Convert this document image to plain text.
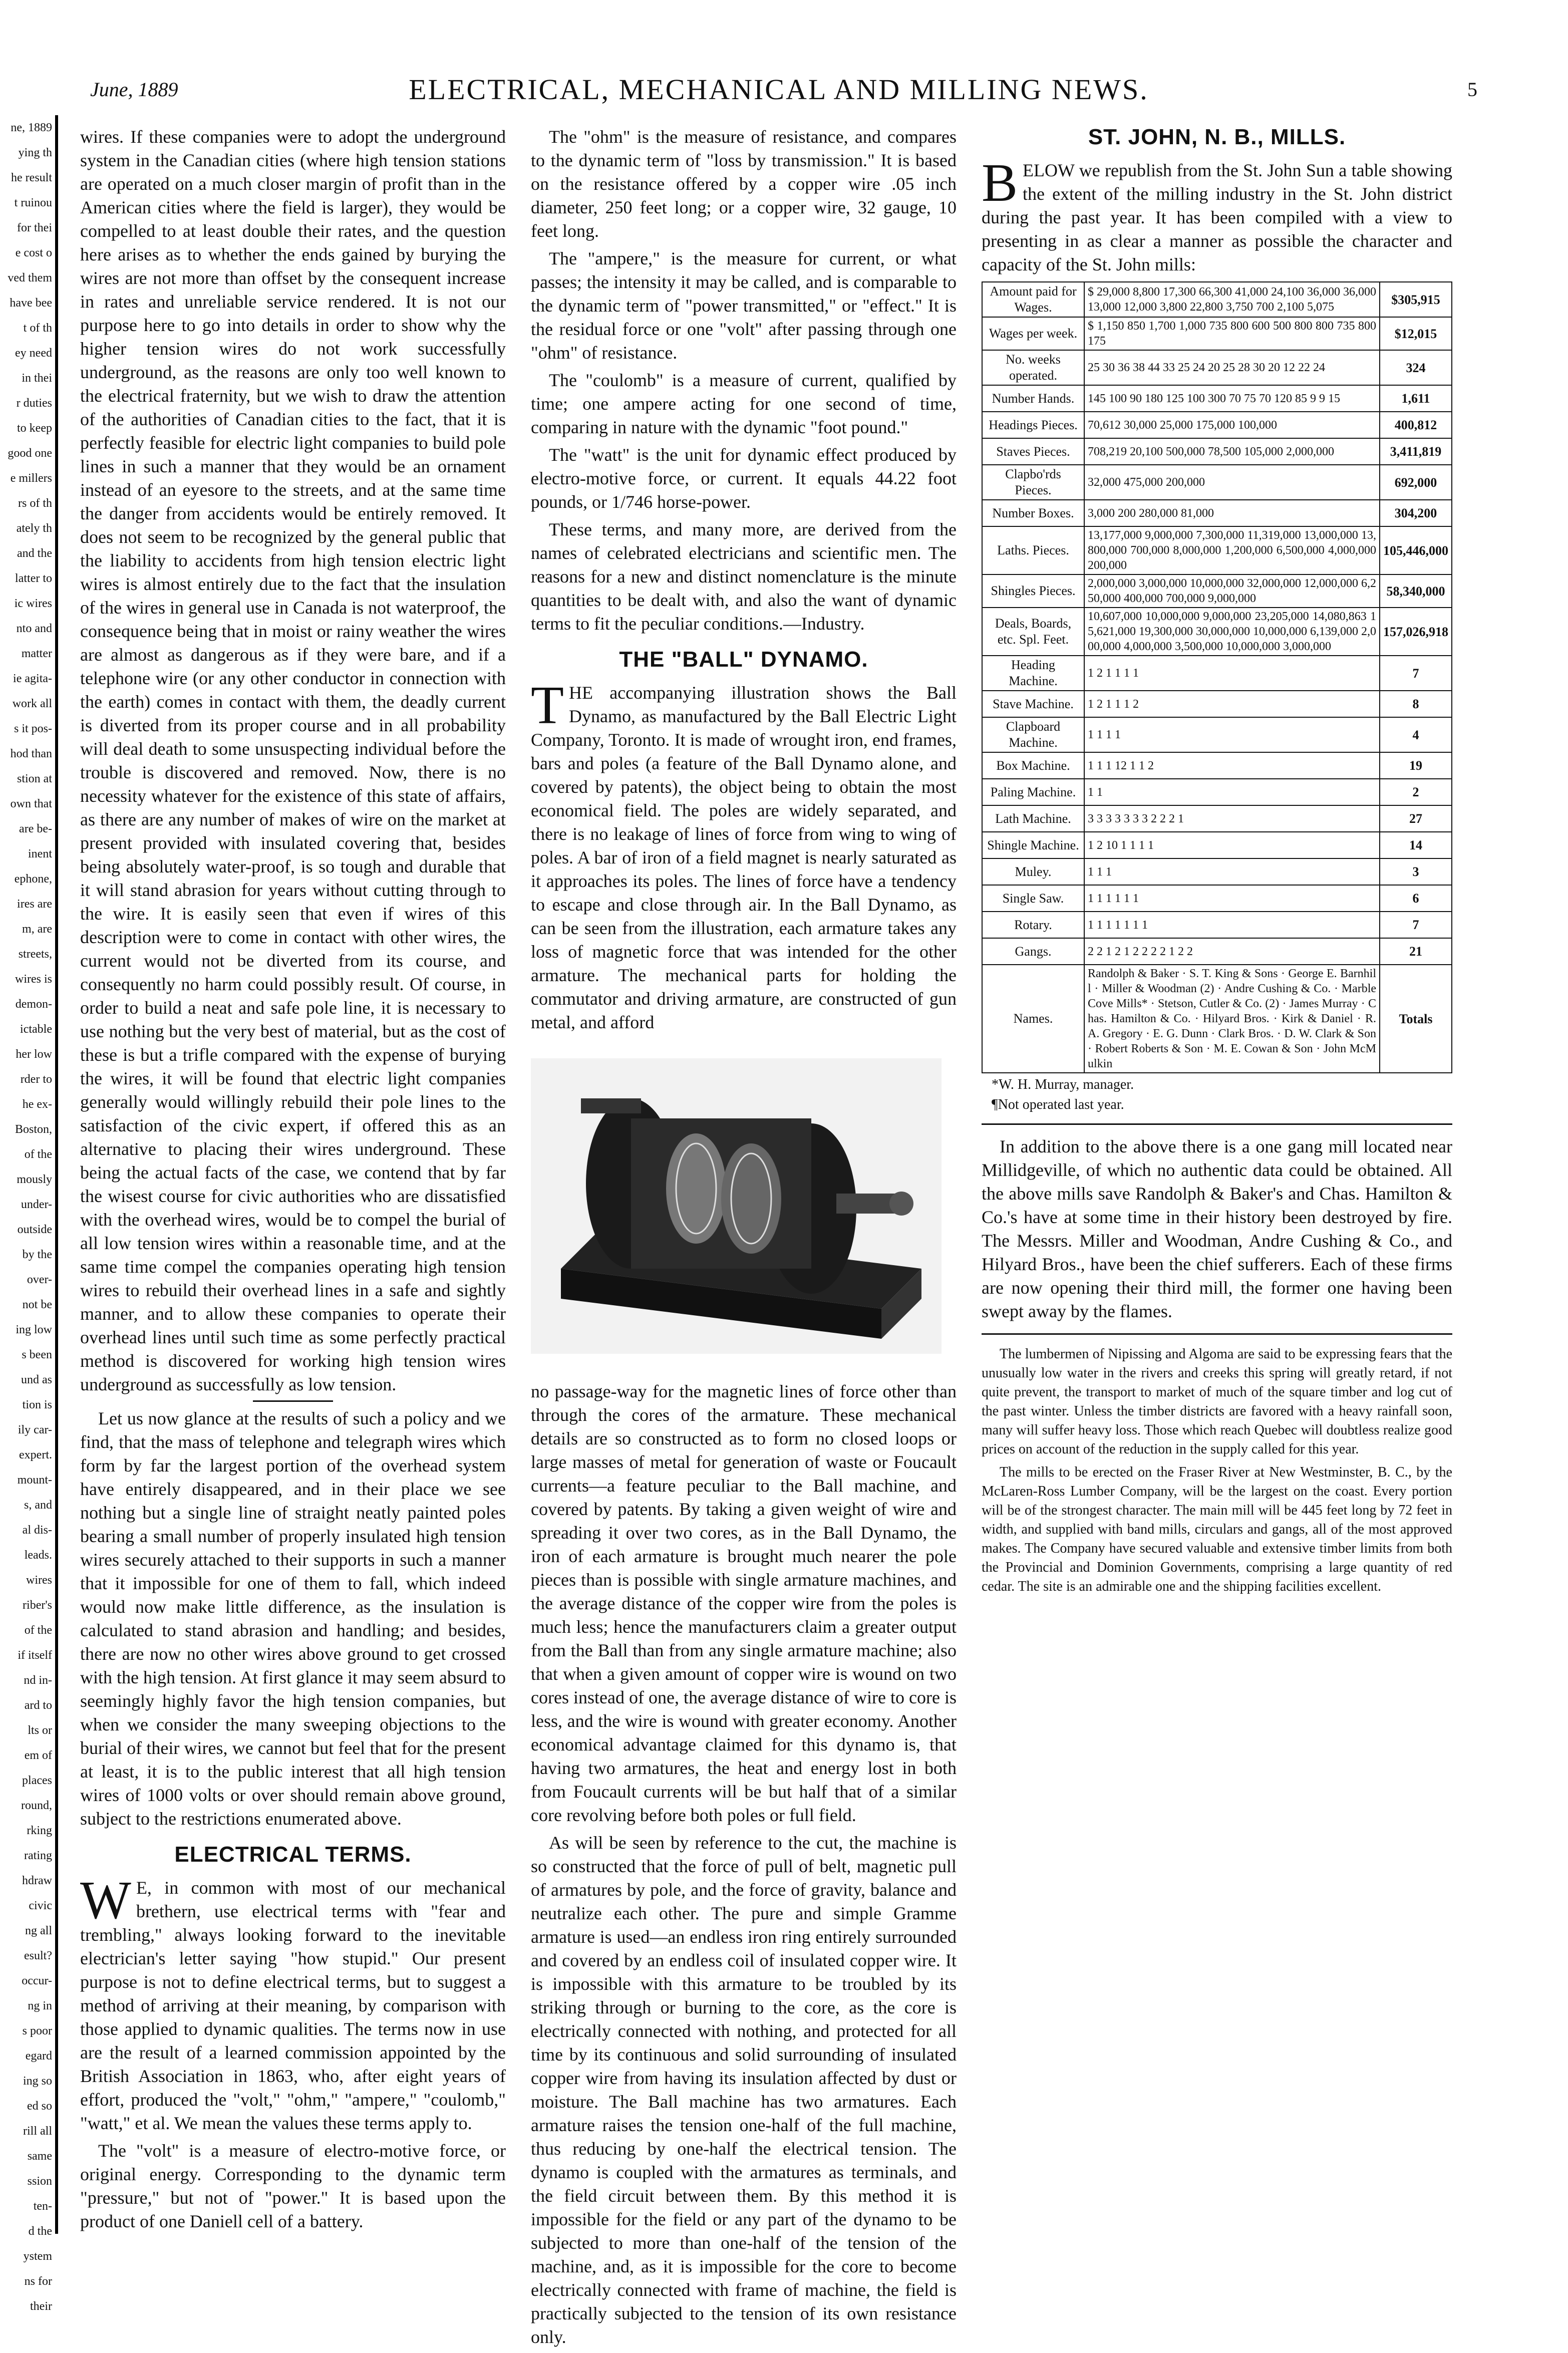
ne, 1889
ying th
he result
t ruinou
for thei
e cost o
ved them
have bee
t of th
ey need
in thei
r duties
to keep
good one
e millers
rs of th
ately th
and the
latter to
ic wires
nto and
matter
ie agita-
work all
s it pos-
hod than
stion at
own that
are be-
inent
ephone,
ires are
m, are
streets,
wires is
demon-
ictable
her low
rder to
he ex-
Boston,
of the
mously
under-
outside
by the
over-
not be
ing low
s been
und as
tion is
ily car-
expert.
mount-
s, and
al dis-
leads.
wires
riber's
of the
if itself
nd in-
ard to
lts or
em of
places
round,
rking
rating
hdraw
civic
ng all
esult?
occur-
ng in
s poor
egard
ing so
ed so
rill all
same
ssion
ten-
d the
ystem
ns for
their
June, 1889	ELECTRICAL, MECHANICAL AND MILLING NEWS.	5

wires. If these companies were to adopt the underground system in the Canadian cities (where high tension stations are operated on a much closer margin of profit than in the American cities where the field is larger), they would be compelled to at least double their rates, and the question here arises as to whether the ends gained by burying the wires are not more than offset by the consequent increase in rates and unreliable service rendered. It is not our purpose here to go into details in order to show why the higher tension wires do not work successfully underground, as the reasons are only too well known to the electrical fraternity, but we wish to draw the attention of the authorities of Canadian cities to the fact, that it is perfectly feasible for electric light companies to build pole lines in such a manner that they would be an ornament instead of an eyesore to the streets, and at the same time the danger from accidents would be entirely removed. It does not seem to be recognized by the general public that the liability to accidents from high tension electric light wires is almost entirely due to the fact that the insulation of the wires in general use in Canada is not waterproof, the consequence being that in moist or rainy weather the wires are almost as dangerous as if they were bare, and if a telephone wire (or any other conductor in connection with the earth) comes in contact with them, the deadly current is diverted from its proper course and in all probability will deal death to some unsuspecting individual before the trouble is discovered and removed. Now, there is no necessity whatever for the existence of this state of affairs, as there are any number of makes of wire on the market at present provided with insulated covering that, besides being absolutely water-proof, is so tough and durable that it will stand abrasion for years without cutting through to the wire. It is easily seen that even if wires of this description were to come in contact with other wires, the current would not be diverted from its course, and consequently no harm could possibly result. Of course, in order to build a neat and safe pole line, it is necessary to use nothing but the very best of material, but as the cost of these is but a trifle compared with the expense of burying the wires, it will be found that electric light companies generally would willingly rebuild their pole lines to the satisfaction of the civic expert, if offered this as an alternative to placing their wires underground. These being the actual facts of the case, we contend that by far the wisest course for civic authorities who are dissatisfied with the overhead wires, would be to compel the burial of all low tension wires within a reasonable time, and at the same time compel the companies operating high tension wires to rebuild their overhead lines in a safe and sightly manner, and to allow these companies to operate their overhead lines until such time as some perfectly practical method is discovered for working high tension wires underground as successfully as low tension.

Let us now glance at the results of such a policy and we find, that the mass of telephone and telegraph wires which form by far the largest portion of the overhead system have entirely disappeared, and in their place we see nothing but a single line of straight neatly painted poles bearing a small number of properly insulated high tension wires securely attached to their supports in such a manner that it impossible for one of them to fall, which indeed would now make little difference, as the insulation is calculated to stand abrasion and handling; and besides, there are now no other wires above ground to get crossed with the high tension. At first glance it may seem absurd to seemingly highly favor the high tension companies, but when we consider the many sweeping objections to the burial of their wires, we cannot but feel that for the present at least, it is to the public interest that all high tension wires of 1000 volts or over should remain above ground, subject to the restrictions enumerated above.

ELECTRICAL TERMS.

W E, in common with most of our mechanical brethern, use electrical terms with "fear and trembling," always looking forward to the inevitable electrician's letter saying "how stupid." Our present purpose is not to define electrical terms, but to suggest a method of arriving at their meaning, by comparison with those applied to dynamic qualities. The terms now in use are the result of a learned commission appointed by the British Association in 1863, who, after eight years of effort, produced the "volt," "ohm," "ampere," "coulomb," "watt," et al. We mean the values these terms apply to.

The "volt" is a measure of electro-motive force, or original energy. Corresponding to the dynamic term "pressure," but not of "power." It is based upon the product of one Daniell cell of a battery.

The "ohm" is the measure of resistance, and compares to the dynamic term of "loss by transmission." It is based on the resistance offered by a copper wire .05 inch diameter, 250 feet long; or a copper wire, 32 gauge, 10 feet long.

The "ampere," is the measure for current, or what passes; the intensity it may be called, and is comparable to the dynamic term of "power transmitted," or "effect." It is the residual force or one "volt" after passing through one "ohm" of resistance.

The "coulomb" is a measure of current, qualified by time; one ampere acting for one second of time, comparing in nature with the dynamic "foot pound."

The "watt" is the unit for dynamic effect produced by electro-motive force, or current. It equals 44.22 foot pounds, or 1/746 horse-power.

These terms, and many more, are derived from the names of celebrated electricians and scientific men. The reasons for a new and distinct nomenclature is the minute quantities to be dealt with, and also the want of dynamic terms to fit the peculiar conditions.—Industry.

THE "BALL" DYNAMO.

THE accompanying illustration shows the Ball Dynamo, as manufactured by the Ball Electric Light Company, Toronto. It is made of wrought iron, end frames, bars and poles (a feature of the Ball Dynamo alone, and covered by patents), the object being to obtain the most economical field. The poles are widely separated, and there is no leakage of lines of force from wing to wing of poles. A bar of iron of a field magnet is nearly saturated as it approaches its poles. The lines of force have a tendency to escape and close through air. In the Ball Dynamo, as can be seen from the illustration, each armature takes any loss of magnetic force that was intended for the other armature. The mechanical parts for holding the commutator and driving armature, are constructed of gun metal, and afford

no passage-way for the magnetic lines of force other than through the cores of the armature. These mechanical details are so constructed as to form no closed loops or large masses of metal for generation of waste or Foucault currents—a feature peculiar to the Ball machine, and covered by patents. By taking a given weight of wire and spreading it over two cores, as in the Ball Dynamo, the iron of each armature is brought much nearer the pole pieces than is possible with single armature machines, and the average distance of the copper wire from the poles is much less; hence the manufacturers claim a greater output from the Ball than from any single armature machine; also that when a given amount of copper wire is wound on two cores instead of one, the average distance of wire to core is less, and the wire is wound with greater economy. Another economical advantage claimed for this dynamo is, that having two armatures, the heat and energy lost in both from Foucault currents will be but half that of a similar core revolving before both poles or full field.

As will be seen by reference to the cut, the machine is so constructed that the force of pull of belt, magnetic pull of armatures by pole, and the force of gravity, balance and neutralize each other. The pure and simple Gramme armature is used—an endless iron ring entirely surrounded and covered by an endless coil of insulated copper wire. It is impossible with this armature to be troubled by its striking through or burning to the core, as the core is electrically connected with nothing, and protected for all time by its continuous and solid surrounding of insulated copper wire from having its insulation affected by dust or moisture. The Ball machine has two armatures. Each armature raises the tension one-half of the full machine, thus reducing by one-half the electrical tension. The dynamo is coupled with the armatures as terminals, and the field circuit between them. By this method it is impossible for the field or any part of the dynamo to be subjected to more than one-half of the tension of the machine, and, as it is impossible for the core to become electrically connected with frame of machine, the field is practically subjected to the tension of its own resistance only.

ST. JOHN, N. B., MILLS.

BELOW we republish from the St. John Sun a table showing the extent of the milling industry in the St. John district during the past year. It has been compiled with a view to presenting in as clear a manner as possible the character and capacity of the St. John mills:

Amount paid for Wages.	$ 29,000 8,800 17,300 66,300 41,000 24,100 36,000 36,000 13,000 12,000 3,800 22,800 3,750 700 2,100 5,075	$305,915
Wages per week.	$ 1,150 850 1,700 1,000 735 800 600 500 800 800 735 800 175	$12,015
No. weeks operated.	25 30 36 38 44 33 25 24 20 25 28 30 20 12 22 24	324
Number Hands.	145 100 90 180 125 100 300 70 75 70 120 85 9 9 15	1,611
Headings Pieces.	70,612 30,000 25,000 175,000 100,000	400,812
Staves Pieces.	708,219 20,100 500,000 78,500 105,000 2,000,000	3,411,819
Clapbo'rds Pieces.	32,000 475,000 200,000	692,000
Number Boxes.	3,000 200 280,000 81,000	304,200
Laths. Pieces.	13,177,000 9,000,000 7,300,000 11,319,000 13,000,000 13,800,000 700,000 8,000,000 1,200,000 6,500,000 4,000,000 200,000	105,446,000
Shingles Pieces.	2,000,000 3,000,000 10,000,000 32,000,000 12,000,000 6,250,000 400,000 700,000 9,000,000	58,340,000
Deals, Boards, etc. Spl. Feet.	10,607,000 10,000,000 9,000,000 23,205,000 14,080,863 15,621,000 19,300,000 30,000,000 10,000,000 6,139,000 2,000,000 4,000,000 3,500,000 10,000,000 3,000,000	157,026,918
Heading Machine.	1 2 1 1 1 1	7
Stave Machine.	1 2 1 1 1 2	8
Clapboard Machine.	1 1 1 1	4
Box Machine.	1 1 1 12 1 1 2	19
Paling Machine.	1 1	2
Lath Machine.	3 3 3 3 3 3 3 2 2 2 1	27
Shingle Machine.	1 2 10 1 1 1 1	14
Muley.	1 1 1	3
Single Saw.	1 1 1 1 1 1	6
Rotary.	1 1 1 1 1 1 1	7
Gangs.	2 2 1 2 1 2 2 2 2 1 2 2	21
Names.	Randolph & Baker · S. T. King & Sons · George E. Barnhill · Miller & Woodman (2) · Andre Cushing & Co. · Marble Cove Mills* · Stetson, Cutler & Co. (2) · James Murray · Chas. Hamilton & Co. · Hilyard Bros. · Kirk & Daniel · R. A. Gregory · E. G. Dunn · Clark Bros. · D. W. Clark & Son · Robert Roberts & Son · M. E. Cowan & Son · John McMulkin	Totals
*W. H. Murray, manager.
¶Not operated last year.

In addition to the above there is a one gang mill located near Millidgeville, of which no authentic data could be obtained. All the above mills save Randolph & Baker's and Chas. Hamilton & Co.'s have at some time in their history been destroyed by fire. The Messrs. Miller and Woodman, Andre Cushing & Co., and Hilyard Bros., have been the chief sufferers. Each of these firms are now opening their third mill, the former one having been swept away by the flames.

The lumbermen of Nipissing and Algoma are said to be expressing fears that the unusually low water in the rivers and creeks this spring will greatly retard, if not quite prevent, the transport to market of much of the square timber and log cut of the past winter. Unless the timber districts are favored with a heavy rainfall soon, many will suffer heavy loss. Those which reach Quebec will doubtless realize good prices on account of the reduction in the supply called for this year.

The mills to be erected on the Fraser River at New Westminster, B. C., by the McLaren-Ross Lumber Company, will be the largest on the coast. Every portion will be of the strongest character. The main mill will be 445 feet long by 72 feet in width, and supplied with band mills, circulars and gangs, all of the most approved makes. The Company have secured valuable and extensive timber limits from both the Provincial and Dominion Governments, comprising a large quantity of red cedar. The site is an admirable one and the shipping facilities excellent.
